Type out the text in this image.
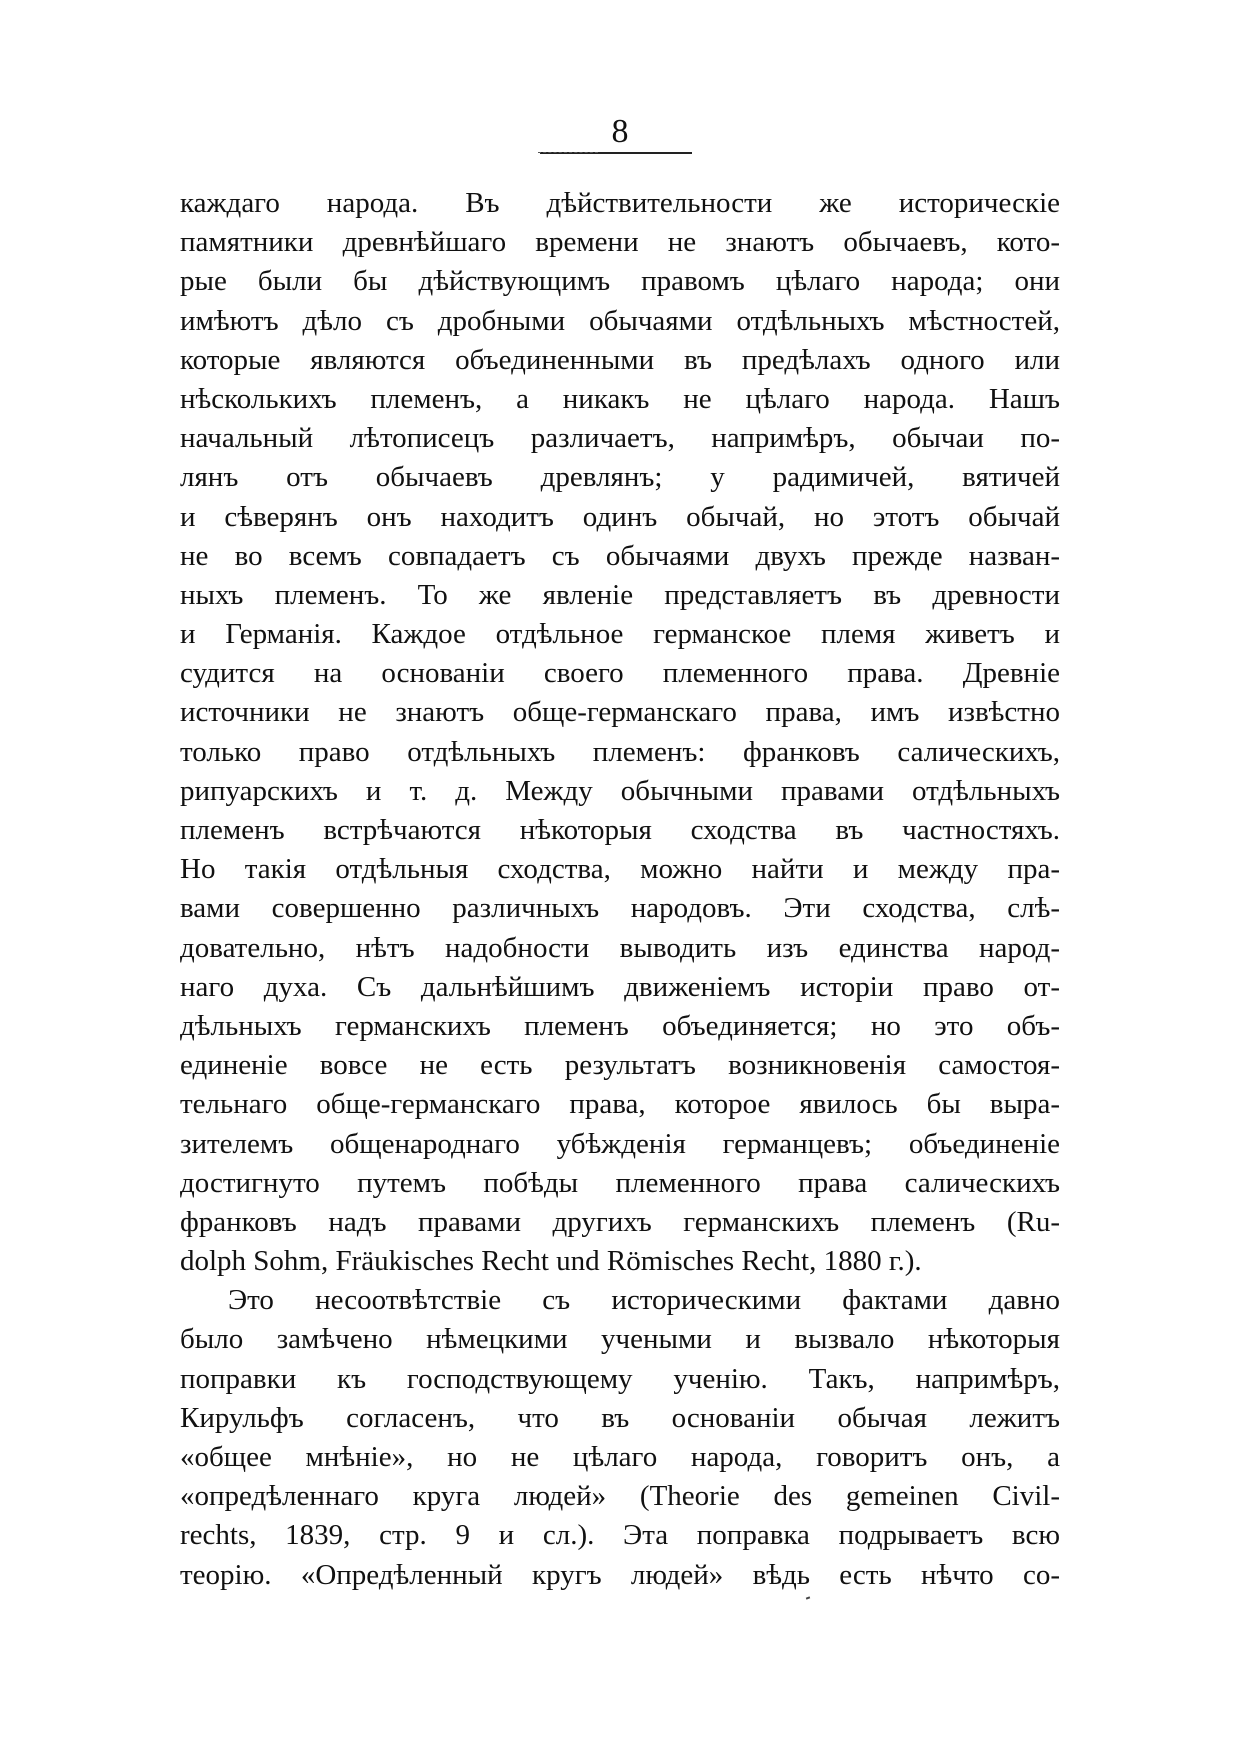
8
каждаго народа. Въ дѣйствительности же историческіе
памятники древнѣйшаго времени не знаютъ обычаевъ, кото-
рые были бы дѣйствующимъ правомъ цѣлаго народа; они
имѣютъ дѣло съ дробными обычаями отдѣльныхъ мѣстностей,
которые являются объединенными въ предѣлахъ одного или
нѣсколькихъ племенъ, а никакъ не цѣлаго народа. Нашъ
начальный лѣтописецъ различаетъ, напримѣръ, обычаи по-
лянъ отъ обычаевъ древлянъ; у радимичей, вятичей
и сѣверянъ онъ находитъ одинъ обычай, но этотъ обычай
не во всемъ совпадаетъ съ обычаями двухъ прежде назван-
ныхъ племенъ. То же явленіе представляетъ въ древности
и Германія. Каждое отдѣльное германское племя живетъ и
судится на основаніи своего племенного права. Древніе
источники не знаютъ обще-германскаго права, имъ извѣстно
только право отдѣльныхъ племенъ: франковъ салическихъ,
рипуарскихъ и т. д. Между обычными правами отдѣльныхъ
племенъ встрѣчаются нѣкоторыя сходства въ частностяхъ.
Но такія отдѣльныя сходства, можно найти и между пра-
вами совершенно различныхъ народовъ. Эти сходства, слѣ-
довательно, нѣтъ надобности выводить изъ единства народ-
наго духа. Съ дальнѣйшимъ движеніемъ исторіи право от-
дѣльныхъ германскихъ племенъ объединяется; но это объ-
единеніе вовсе не есть результатъ возникновенія самостоя-
тельнаго обще-германскаго права, которое явилось бы выра-
зителемъ общенароднаго убѣжденія германцевъ; объединеніе
достигнуто путемъ побѣды племенного права салическихъ
франковъ надъ правами другихъ германскихъ племенъ (Ru-
dolph Sohm, Fräukisches Recht und Römisches Recht, 1880 г.).
Это несоотвѣтствіе съ историческими фактами давно
было замѣчено нѣмецкими учеными и вызвало нѣкоторыя
поправки къ господствующему ученію. Такъ, напримѣръ,
Кирульфъ согласенъ, что въ основаніи обычая лежитъ
«общее мнѣніе», но не цѣлаго народа, говоритъ онъ, а
«опредѣленнаго круга людей» (Theorie des gemeinen Civil-
rechts, 1839, стр. 9 и сл.). Эта поправка подрываетъ всю
теорію. «Опредѣленный кругъ людей» вѣдь есть нѣчто со-
